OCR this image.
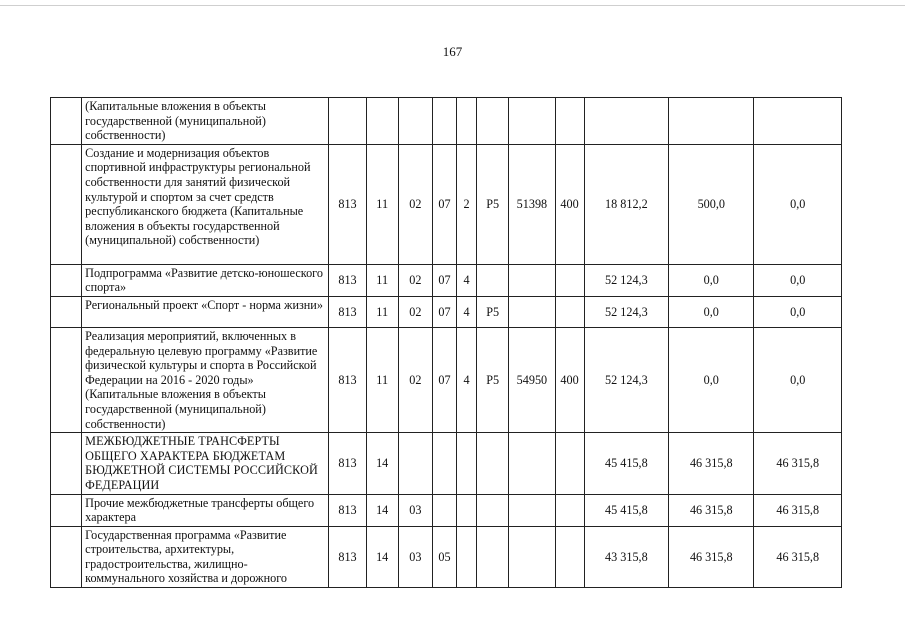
167
	(Капитальные вложения в объекты государственной (муниципальной) собственности)											
	Создание и модернизация объектов спортивной инфраструктуры региональной собственности для занятий физической культурой и спортом за счет средств республиканского бюджета (Капитальные вложения в объекты государственной (муниципальной) собственности)	813	11	02	07	2	Р5	51398	400	18 812,2	500,0	0,0
	Подпрограмма «Развитие детско-юношеского спорта»	813	11	02	07	4				52 124,3	0,0	0,0
	Региональный проект «Спорт - норма жизни»	813	11	02	07	4	Р5			52 124,3	0,0	0,0
	Реализация мероприятий, включенных в федеральную целевую программу «Развитие физической культуры и спорта в Российской Федерации на 2016 - 2020 годы» (Капитальные вложения в объекты государственной (муниципальной) собственности)	813	11	02	07	4	Р5	54950	400	52 124,3	0,0	0,0
	МЕЖБЮДЖЕТНЫЕ ТРАНСФЕРТЫ ОБЩЕГО ХАРАКТЕРА БЮДЖЕТАМ БЮДЖЕТНОЙ СИСТЕМЫ РОССИЙСКОЙ ФЕДЕРАЦИИ	813	14							45 415,8	46 315,8	46 315,8
	Прочие межбюджетные трансферты общего характера	813	14	03						45 415,8	46 315,8	46 315,8
	Государственная программа «Развитие строительства, архитектуры, градостроительства, жилищно-коммунального хозяйства и дорожного	813	14	03	05					43 315,8	46 315,8	46 315,8
